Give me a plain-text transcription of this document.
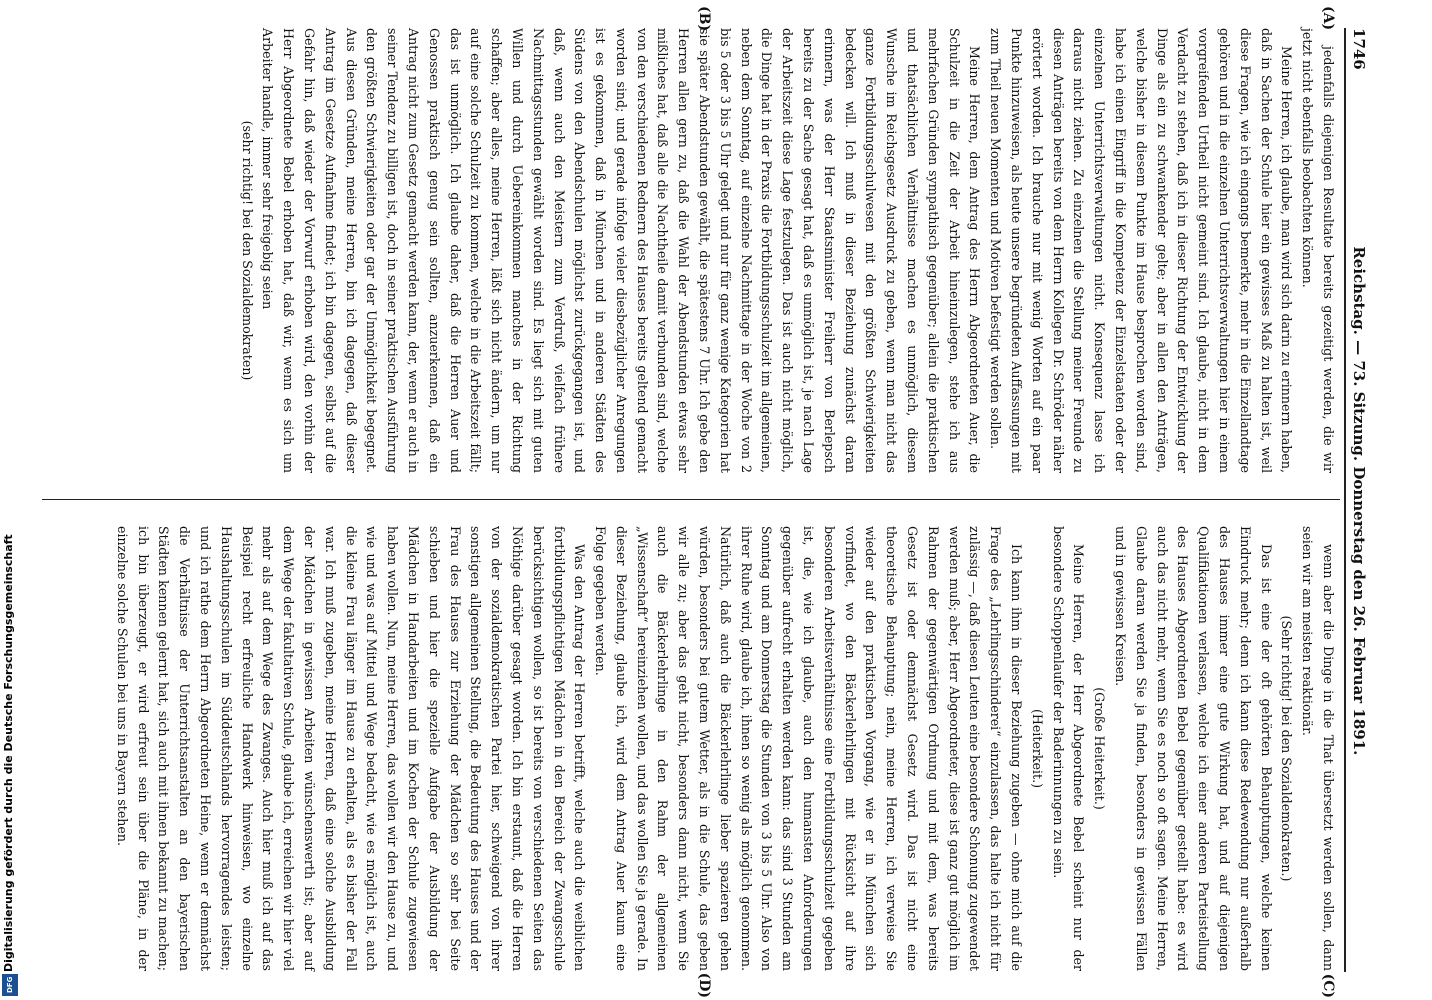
1746
Reichstag. — 73. Sitzung. Donnerstag den 26. Februar 1891.
(A)
(B)
(C)
(D)

jedenfalls diejenigen Resultate bereits gezeitigt werden, die wir jetzt nicht ebenfalls beobachten können.

Meine Herren, ich glaube, man wird sich darin zu erinnern haben, daß in Sachen der Schule hier ein gewisses Maß zu halten ist, weil diese Fragen, wie ich eingangs bemerkte, mehr in die Einzellandtage gehören und in die einzelnen Unterrichtsverwaltungen hier in einem vorgreifenden Urtheil nicht gemeint sind. Ich glaube, nicht in dem Verdacht zu stehen, daß ich in dieser Richtung der Entwicklung der Dinge als ein zu schwankender gelte; aber in allen den Anträgen, welche bisher in diesem Punkte im Hause besprochen worden sind, habe ich einen Eingriff in die Kompetenz der Einzelstaaten oder der einzelnen Unterrichtsverwaltungen nicht. Konsequenz lasse ich daraus nicht ziehen. Zu einzelnen die Stellung meiner Freunde zu diesen Anträgen bereits von dem Herrn Kollegen Dr. Schröder näher erörtert worden. Ich brauche nur mit wenig Worten auf ein paar Punkte hinzuweisen, als heute unsere begründeten Auffassungen mit zum Theil neuen Momenten und Motiven befestigt werden sollen.

Meine Herren, dem Antrag des Herrn Abgeordneten Auer, die Schulzeit in die Zeit der Arbeit hineinzulegen, stehe ich aus mehrfachen Gründen sympathisch gegenüber; allein die praktischen und thatsächlichen Verhältnisse machen es unmöglich, diesem Wunsche im Reichsgesetz Ausdruck zu geben, wenn man nicht das ganze Fortbildungsschulwesen mit den größten Schwierigkeiten bedecken will. Ich muß in dieser Beziehung zunächst daran erinnern, was der Herr Staatsminister Freiherr von Berlepsch bereits zu der Sache gesagt hat, daß es unmöglich ist, je nach Lage der Arbeitszeit diese Lage festzulegen. Das ist auch nicht möglich, die Dinge hat in der Praxis die Fortbildungsschulzeit im allgemeinen, neben dem Sonntag, auf einzelne Nachmittage in der Woche von 2 bis 5 oder 3 bis 5 Uhr gelegt und nur für ganz wenige Kategorien hat sie später Abendstunden gewählt, die spätestens 7 Uhr. Ich gebe den Herren allen gern zu, daß die Wahl der Abendstunden etwas sehr mißliches hat, daß alle die Nachtheile damit verbunden sind, welche von den verschiedenen Rednern des Hauses bereits geltend gemacht worden sind; und gerade infolge vieler diesbezüglicher Anregungen ist es gekommen, daß in München und in anderen Städten des Südens von den Abendschulen möglichst zurückgegangen ist, und daß, wenn auch den Meistern zum Verdruß, vielfach frühere Nachmittagsstunden gewählt worden sind. Es liegt sich mit guten Willen und durch Uebereinkommen manches in der Richtung schaffen; aber alles, meine Herren, läßt sich nicht ändern, um nur auf eine solche Schulzeit zu kommen, welche in die Arbeitszeit fällt; das ist unmöglich. Ich glaube daher, daß die Herren Auer und Genossen praktisch genug sein sollten, anzuerkennen, daß ein Antrag nicht zum Gesetz gemacht werden kann, der, wenn er auch in seiner Tendenz zu billigen ist, doch in seiner praktischen Ausführung den größten Schwierigkeiten oder gar der Unmöglichkeit begegnet. Aus diesen Gründen, meine Herren, bin ich dagegen, daß dieser Antrag im Gesetze Aufnahme findet; ich bin dagegen, selbst auf die Gefahr hin, daß wieder der Vorwurf erhoben wird, den vorhin der Herr Abgeordnete Bebel erhoben hat, daß wir, wenn es sich um Arbeiter handle, immer sehr freigebig seien

(sehr richtig! bei den Sozialdemokraten)

wenn aber die Dinge in die That übersetzt werden sollen, dann seien wir am meisten reaktionär.

(Sehr richtig! bei den Sozialdemokraten.)

Das ist eine der oft gehörten Behauptungen, welche keinen Eindruck mehr; denn ich kann diese Redewendung nur außerhalb des Hauses immer eine gute Wirkung hat, und auf diejenigen Qualifikationen verlassen, welche ich einer anderen Parteistellung des Hauses Abgeordneten Bebel gegenüber gestellt habe: es wird auch das nicht mehr, wenn Sie es noch so oft sagen. Meine Herren, Glaube daran werden Sie ja finden, besonders in gewissen Fällen und in gewissen Kreisen.

(Große Heiterkeit.)

Meine Herren, der Herr Abgeordnete Bebel scheint nur der besondere Schoppenlaufer der Baderinnungen zu sein.

(Heiterkeit.)

Ich kann ihm in dieser Beziehung zugeben — ohne mich auf die Frage des „Lehrlingsschinderei“ einzulassen, das halte ich nicht für zulässig —, daß diesen Leuten eine besondere Schonung zugewendet werden muß; aber, Herr Abgeordneter, diese ist ganz gut möglich im Rahmen der gegenwärtigen Ordnung und mit dem, was bereits Gesetz ist oder demnächst Gesetz wird. Das ist nicht eine theoretische Behauptung; nein, meine Herren, ich verweise Sie wieder auf den praktischen Vorgang, wie er in München sich vorfindet, wo den Bäckerlehrlingen mit Rücksicht auf ihre besonderen Arbeitsverhältnisse eine Fortbildungsschulzeit gegeben ist, die, wie ich glaube, auch den humansten Anforderungen gegenüber aufrecht erhalten werden kann: das sind 3 Stunden am Sonntag und am Donnerstag die Stunden von 3 bis 5 Uhr. Also von ihrer Ruhe wird, glaube ich, ihnen so wenig als möglich genommen. Natürlich, daß auch die Bäckerlehrlinge lieber spazieren gehen würden, besonders bei gutem Wetter, als in die Schule, das geben wir alle zu; aber das geht nicht, besonders dann nicht, wenn Sie auch die Bäckerlehrlinge in den Rahm der allgemeinen „Wissenschaft“ hereinziehen wollen, und das wollen Sie ja gerade. In dieser Beziehung, glaube ich, wird dem Antrag Auer kaum eine Folge gegeben werden.

Was den Antrag der Herren betrifft, welche auch die weiblichen fortbildungspflichtigen Mädchen in den Bereich der Zwangsschule berücksichtigen wollen, so ist bereits von verschiedenen Seiten das Nöthige darüber gesagt worden. Ich bin erstaunt, daß die Herren von der sozialdemokratischen Partei hier, schweigend von ihrer sonstigen allgemeinen Stellung, die Bedeutung des Hauses und der Frau des Hauses zur Erziehung der Mädchen so sehr bei Seite schieben und hier die spezielle Aufgabe der Ausbildung der Mädchen in Handarbeiten und im Kochen der Schule zugewiesen haben wollen. Nun, meine Herren, das wollen wir den Hause zu, und wie und was auf Mittel und Wege bedacht, wie es möglich ist, auch die kleine Frau länger im Hause zu erhalten, als es bisher der Fall war. Ich muß zugeben, meine Herren, daß eine solche Ausbildung der Mädchen in gewissen Arbeiten wünschenswerth ist; aber auf dem Wege der fakultativen Schule, glaube ich, erreichen wir hier viel mehr als auf dem Wege des Zwanges. Auch hier muß ich auf das Beispiel recht erfreuliche Handwerk hinweisen, wo einzelne Haushaltungsschulen im Süddeutschlands hervorragendes leisten; und ich rathe dem Herrn Abgeordneten Heine, wenn er demnächst die Verhältnisse der Unterrichtsanstalten an den bayerischen Städten kennen gelernt hat, sich auch mit ihnen bekannt zu machen; ich bin überzeugt, er wird erfreut sein über die Pläne, in der einzelne solche Schulen bei uns in Bayern stehen.

Digitalisierung gefördert durch die Deutsche Forschungsgemeinschaft
DFG
